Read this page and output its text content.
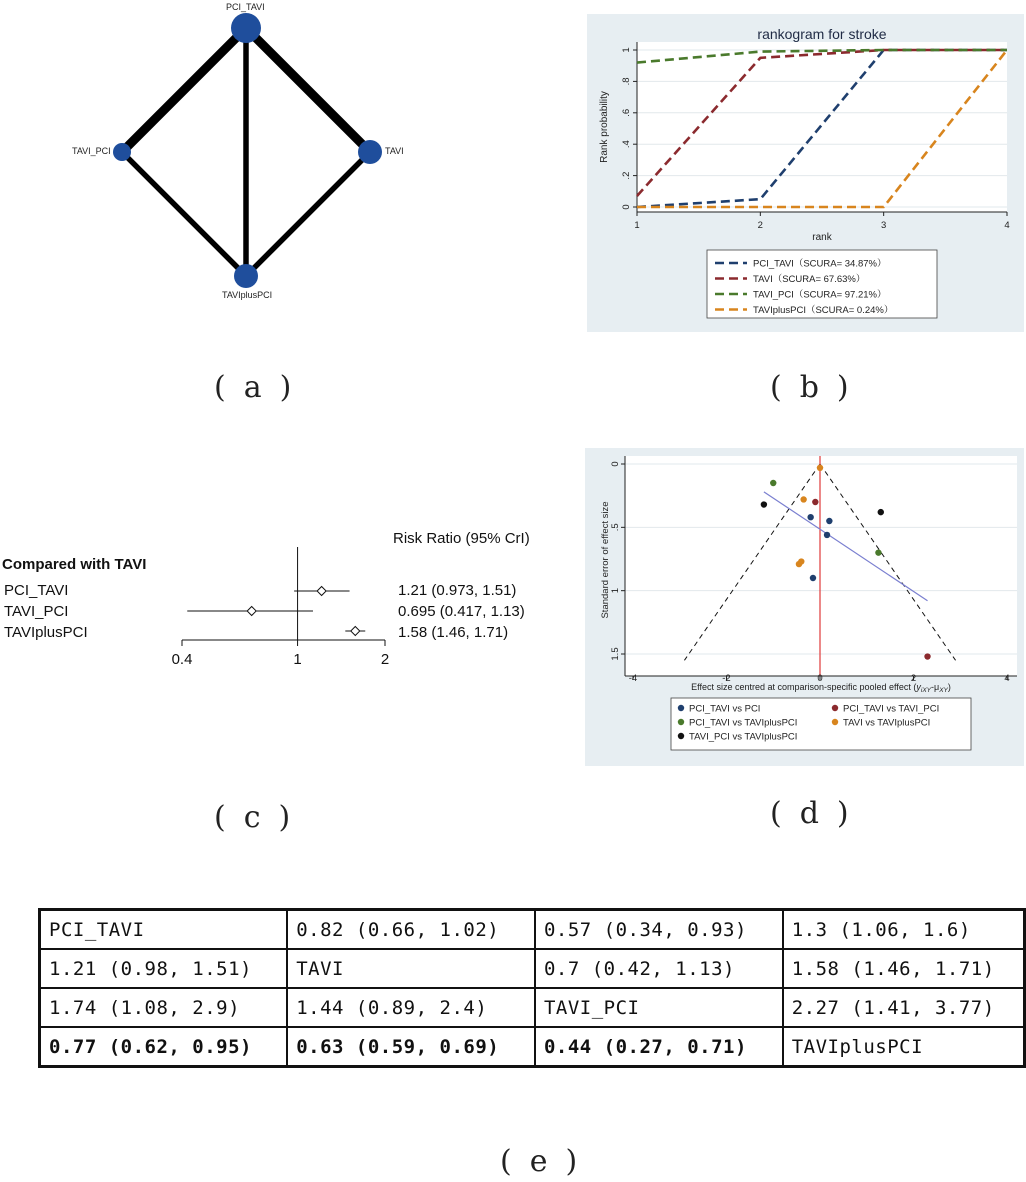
PCI_TAVI
TAVI
TAVI_PCI
TAVIplusPCI
rankogram for stroke
Rank probability
rank
0
.2
.4
.6
.8
1
1	2	3	4
PCI_TAVI（SCURA= 34.87%）
TAVI（SCURA= 67.63%）
TAVI_PCI（SCURA= 97.21%）
TAVIplusPCI（SCURA= 0.24%）
Risk Ratio (95% CrI)
Compared with TAVI
PCI_TAVI
TAVI_PCI
TAVIplusPCI
1.21 (0.973, 1.51)
0.695 (0.417, 1.13)
1.58 (1.46, 1.71)
0.4	1	2
Standard error of effect size
Effect size centred at comparison-specific pooled effect $(y_{iXY}-\mu_{XY})$
0
.5
1
1.5
-4	-2	0	2	4
PCI_TAVI vs PCI	PCI_TAVI vs TAVI_PCI
PCI_TAVI vs TAVIplusPCI	TAVI vs TAVIplusPCI
TAVI_PCI vs TAVIplusPCI
PCI_TAVI	0.82 (0.66, 1.02)	0.57 (0.34, 0.93)	1.3 (1.06, 1.6)
1.21 (0.98, 1.51)	TAVI	0.7 (0.42, 1.13)	1.58 (1.46, 1.71)
1.74 (1.08, 2.9)	1.44 (0.89, 2.4)	TAVI_PCI	2.27 (1.41, 3.77)
0.77 (0.62, 0.95)	0.63 (0.59, 0.69)	0.44 (0.27, 0.71)	TAVIplusPCI
(a)	(b)
(c)	(d)
(e)
